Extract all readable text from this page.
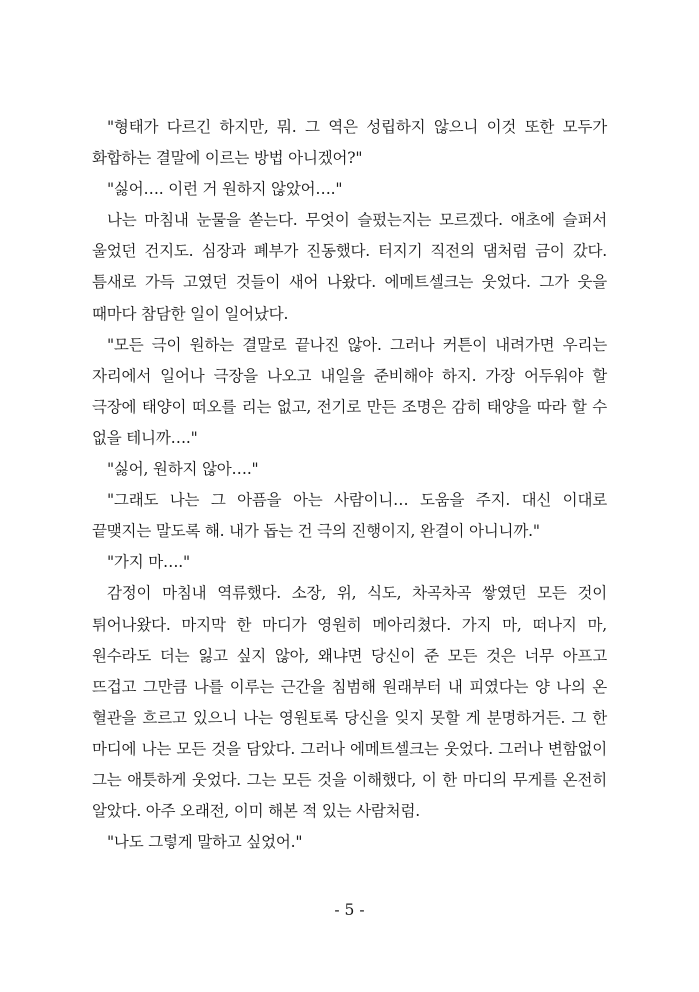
"형태가 다르긴 하지만, 뭐. 그 역은 성립하지 않으니 이것 또한 모두가 화합하는 결말에 이르는 방법 아니겠어?"

"싫어…. 이런 거 원하지 않았어…."

나는 마침내 눈물을 쏟는다. 무엇이 슬펐는지는 모르겠다. 애초에 슬퍼서 울었던 건지도. 심장과 폐부가 진동했다. 터지기 직전의 댐처럼 금이 갔다. 틈새로 가득 고였던 것들이 새어 나왔다. 에메트셀크는 웃었다. 그가 웃을 때마다 참담한 일이 일어났다.

"모든 극이 원하는 결말로 끝나진 않아. 그러나 커튼이 내려가면 우리는 자리에서 일어나 극장을 나오고 내일을 준비해야 하지. 가장 어두워야 할 극장에 태양이 떠오를 리는 없고, 전기로 만든 조명은 감히 태양을 따라 할 수 없을 테니까…."

"싫어, 원하지 않아…."

"그래도 나는 그 아픔을 아는 사람이니… 도움을 주지. 대신 이대로 끝맺지는 말도록 해. 내가 돕는 건 극의 진행이지, 완결이 아니니까."

"가지 마…."

감정이 마침내 역류했다. 소장, 위, 식도, 차곡차곡 쌓였던 모든 것이 튀어나왔다. 마지막 한 마디가 영원히 메아리쳤다. 가지 마, 떠나지 마, 원수라도 더는 잃고 싶지 않아, 왜냐면 당신이 준 모든 것은 너무 아프고 뜨겁고 그만큼 나를 이루는 근간을 침범해 원래부터 내 피였다는 양 나의 온 혈관을 흐르고 있으니 나는 영원토록 당신을 잊지 못할 게 분명하거든. 그 한 마디에 나는 모든 것을 담았다. 그러나 에메트셀크는 웃었다. 그러나 변함없이 그는 애틋하게 웃었다. 그는 모든 것을 이해했다, 이 한 마디의 무게를 온전히 알았다. 아주 오래전, 이미 해본 적 있는 사람처럼.

"나도 그렇게 말하고 싶었어."

- 5 -
